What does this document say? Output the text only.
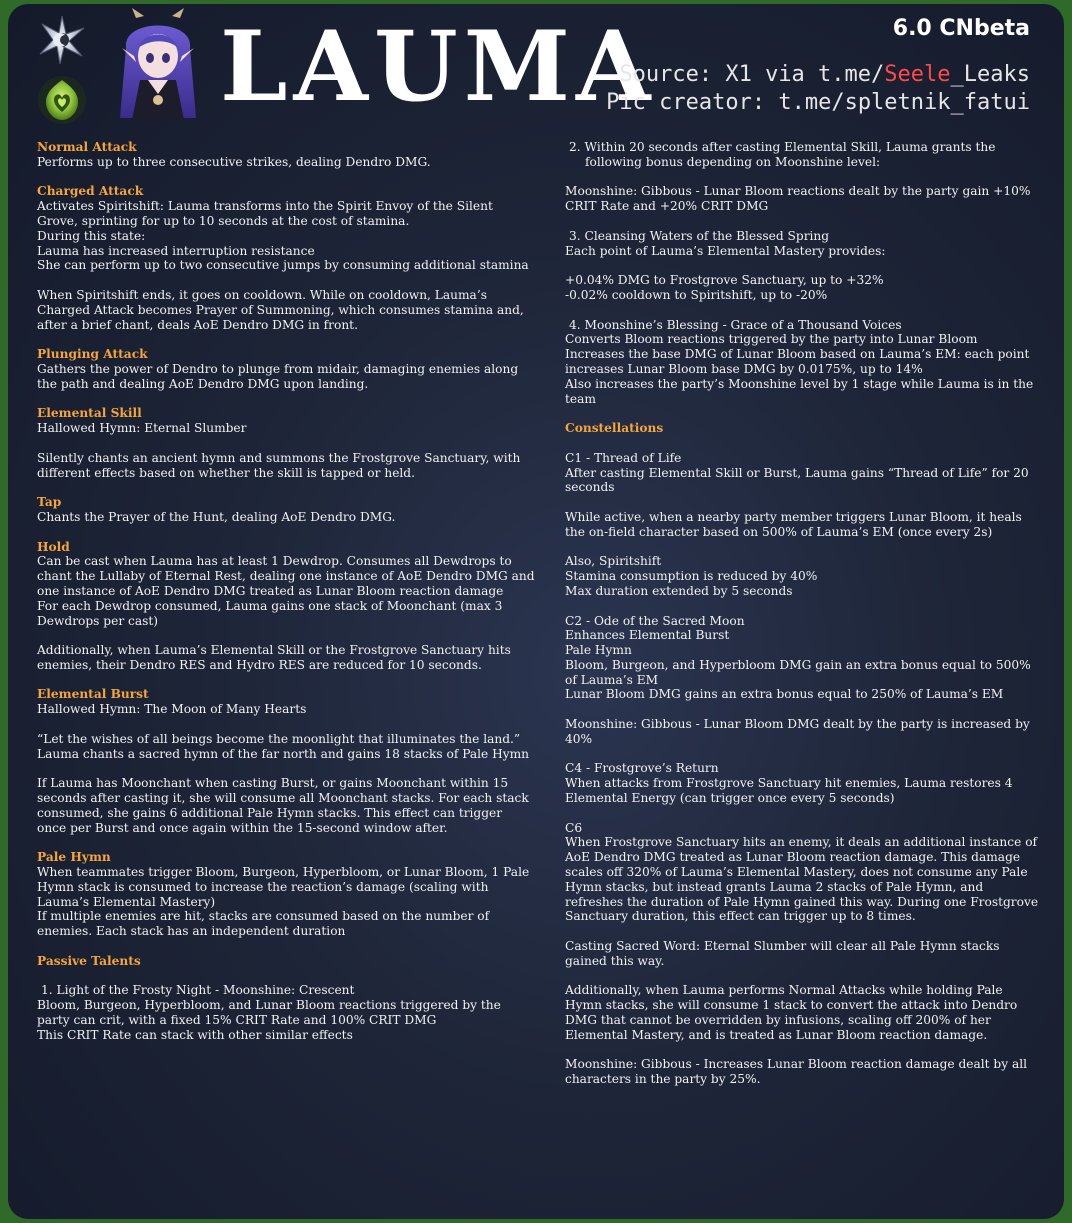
LAUMA	6.0 CNbeta
Source: X1 via t.me/Seele_Leaks
Pic creator: t.me/spletnik_fatui

Normal Attack

Performs up to three consecutive strikes, dealing Dendro DMG.

Charged Attack

Activates Spiritshift: Lauma transforms into the Spirit Envoy of the Silent Grove, sprinting for up to 10 seconds at the cost of stamina.

During this state:

Lauma has increased interruption resistance

She can perform up to two consecutive jumps by consuming additional stamina

When Spiritshift ends, it goes on cooldown. While on cooldown, Lauma’s Charged Attack becomes Prayer of Summoning, which consumes stamina and, after a brief chant, deals AoE Dendro DMG in front.

Plunging Attack

Gathers the power of Dendro to plunge from midair, damaging enemies along the path and dealing AoE Dendro DMG upon landing.

Elemental Skill

Hallowed Hymn: Eternal Slumber

Silently chants an ancient hymn and summons the Frostgrove Sanctuary, with different effects based on whether the skill is tapped or held.

Tap

Chants the Prayer of the Hunt, dealing AoE Dendro DMG.

Hold

Can be cast when Lauma has at least 1 Dewdrop. Consumes all Dewdrops to chant the Lullaby of Eternal Rest, dealing one instance of AoE Dendro DMG and one instance of AoE Dendro DMG treated as Lunar Bloom reaction damage

For each Dewdrop consumed, Lauma gains one stack of Moonchant (max 3 Dewdrops per cast)

Additionally, when Lauma’s Elemental Skill or the Frostgrove Sanctuary hits enemies, their Dendro RES and Hydro RES are reduced for 10 seconds.

Elemental Burst

Hallowed Hymn: The Moon of Many Hearts

“Let the wishes of all beings become the moonlight that illuminates the land.”

Lauma chants a sacred hymn of the far north and gains 18 stacks of Pale Hymn

If Lauma has Moonchant when casting Burst, or gains Moonchant within 15 seconds after casting it, she will consume all Moonchant stacks. For each stack consumed, she gains 6 additional Pale Hymn stacks. This effect can trigger once per Burst and once again within the 15-second window after.

Pale Hymn

When teammates trigger Bloom, Burgeon, Hyperbloom, or Lunar Bloom, 1 Pale Hymn stack is consumed to increase the reaction’s damage (scaling with Lauma’s Elemental Mastery)

If multiple enemies are hit, stacks are consumed based on the number of enemies. Each stack has an independent duration

Passive Talents

1. Light of the Frosty Night - Moonshine: Crescent

Bloom, Burgeon, Hyperbloom, and Lunar Bloom reactions triggered by the party can crit, with a fixed 15% CRIT Rate and 100% CRIT DMG

This CRIT Rate can stack with other similar effects

2. Within 20 seconds after casting Elemental Skill, Lauma grants the following bonus depending on Moonshine level:

Moonshine: Gibbous - Lunar Bloom reactions dealt by the party gain +10% CRIT Rate and +20% CRIT DMG

3. Cleansing Waters of the Blessed Spring

Each point of Lauma’s Elemental Mastery provides:

+0.04% DMG to Frostgrove Sanctuary, up to +32%

-0.02% cooldown to Spiritshift, up to -20%

4. Moonshine’s Blessing - Grace of a Thousand Voices

Converts Bloom reactions triggered by the party into Lunar Bloom

Increases the base DMG of Lunar Bloom based on Lauma’s EM: each point increases Lunar Bloom base DMG by 0.0175%, up to 14%

Also increases the party’s Moonshine level by 1 stage while Lauma is in the team

Constellations

C1 - Thread of Life

After casting Elemental Skill or Burst, Lauma gains “Thread of Life” for 20 seconds

While active, when a nearby party member triggers Lunar Bloom, it heals the on-field character based on 500% of Lauma’s EM (once every 2s)

Also, Spiritshift

Stamina consumption is reduced by 40%

Max duration extended by 5 seconds

C2 - Ode of the Sacred Moon

Enhances Elemental Burst

Pale Hymn

Bloom, Burgeon, and Hyperbloom DMG gain an extra bonus equal to 500% of Lauma’s EM

Lunar Bloom DMG gains an extra bonus equal to 250% of Lauma’s EM

Moonshine: Gibbous - Lunar Bloom DMG dealt by the party is increased by 40%

C4 - Frostgrove’s Return

When attacks from Frostgrove Sanctuary hit enemies, Lauma restores 4 Elemental Energy (can trigger once every 5 seconds)

C6

When Frostgrove Sanctuary hits an enemy, it deals an additional instance of AoE Dendro DMG treated as Lunar Bloom reaction damage. This damage scales off 320% of Lauma’s Elemental Mastery, does not consume any Pale Hymn stacks, but instead grants Lauma 2 stacks of Pale Hymn, and refreshes the duration of Pale Hymn gained this way. During one Frostgrove Sanctuary duration, this effect can trigger up to 8 times.

Casting Sacred Word: Eternal Slumber will clear all Pale Hymn stacks gained this way.

Additionally, when Lauma performs Normal Attacks while holding Pale Hymn stacks, she will consume 1 stack to convert the attack into Dendro DMG that cannot be overridden by infusions, scaling off 200% of her Elemental Mastery, and is treated as Lunar Bloom reaction damage.

Moonshine: Gibbous - Increases Lunar Bloom reaction damage dealt by all characters in the party by 25%.
